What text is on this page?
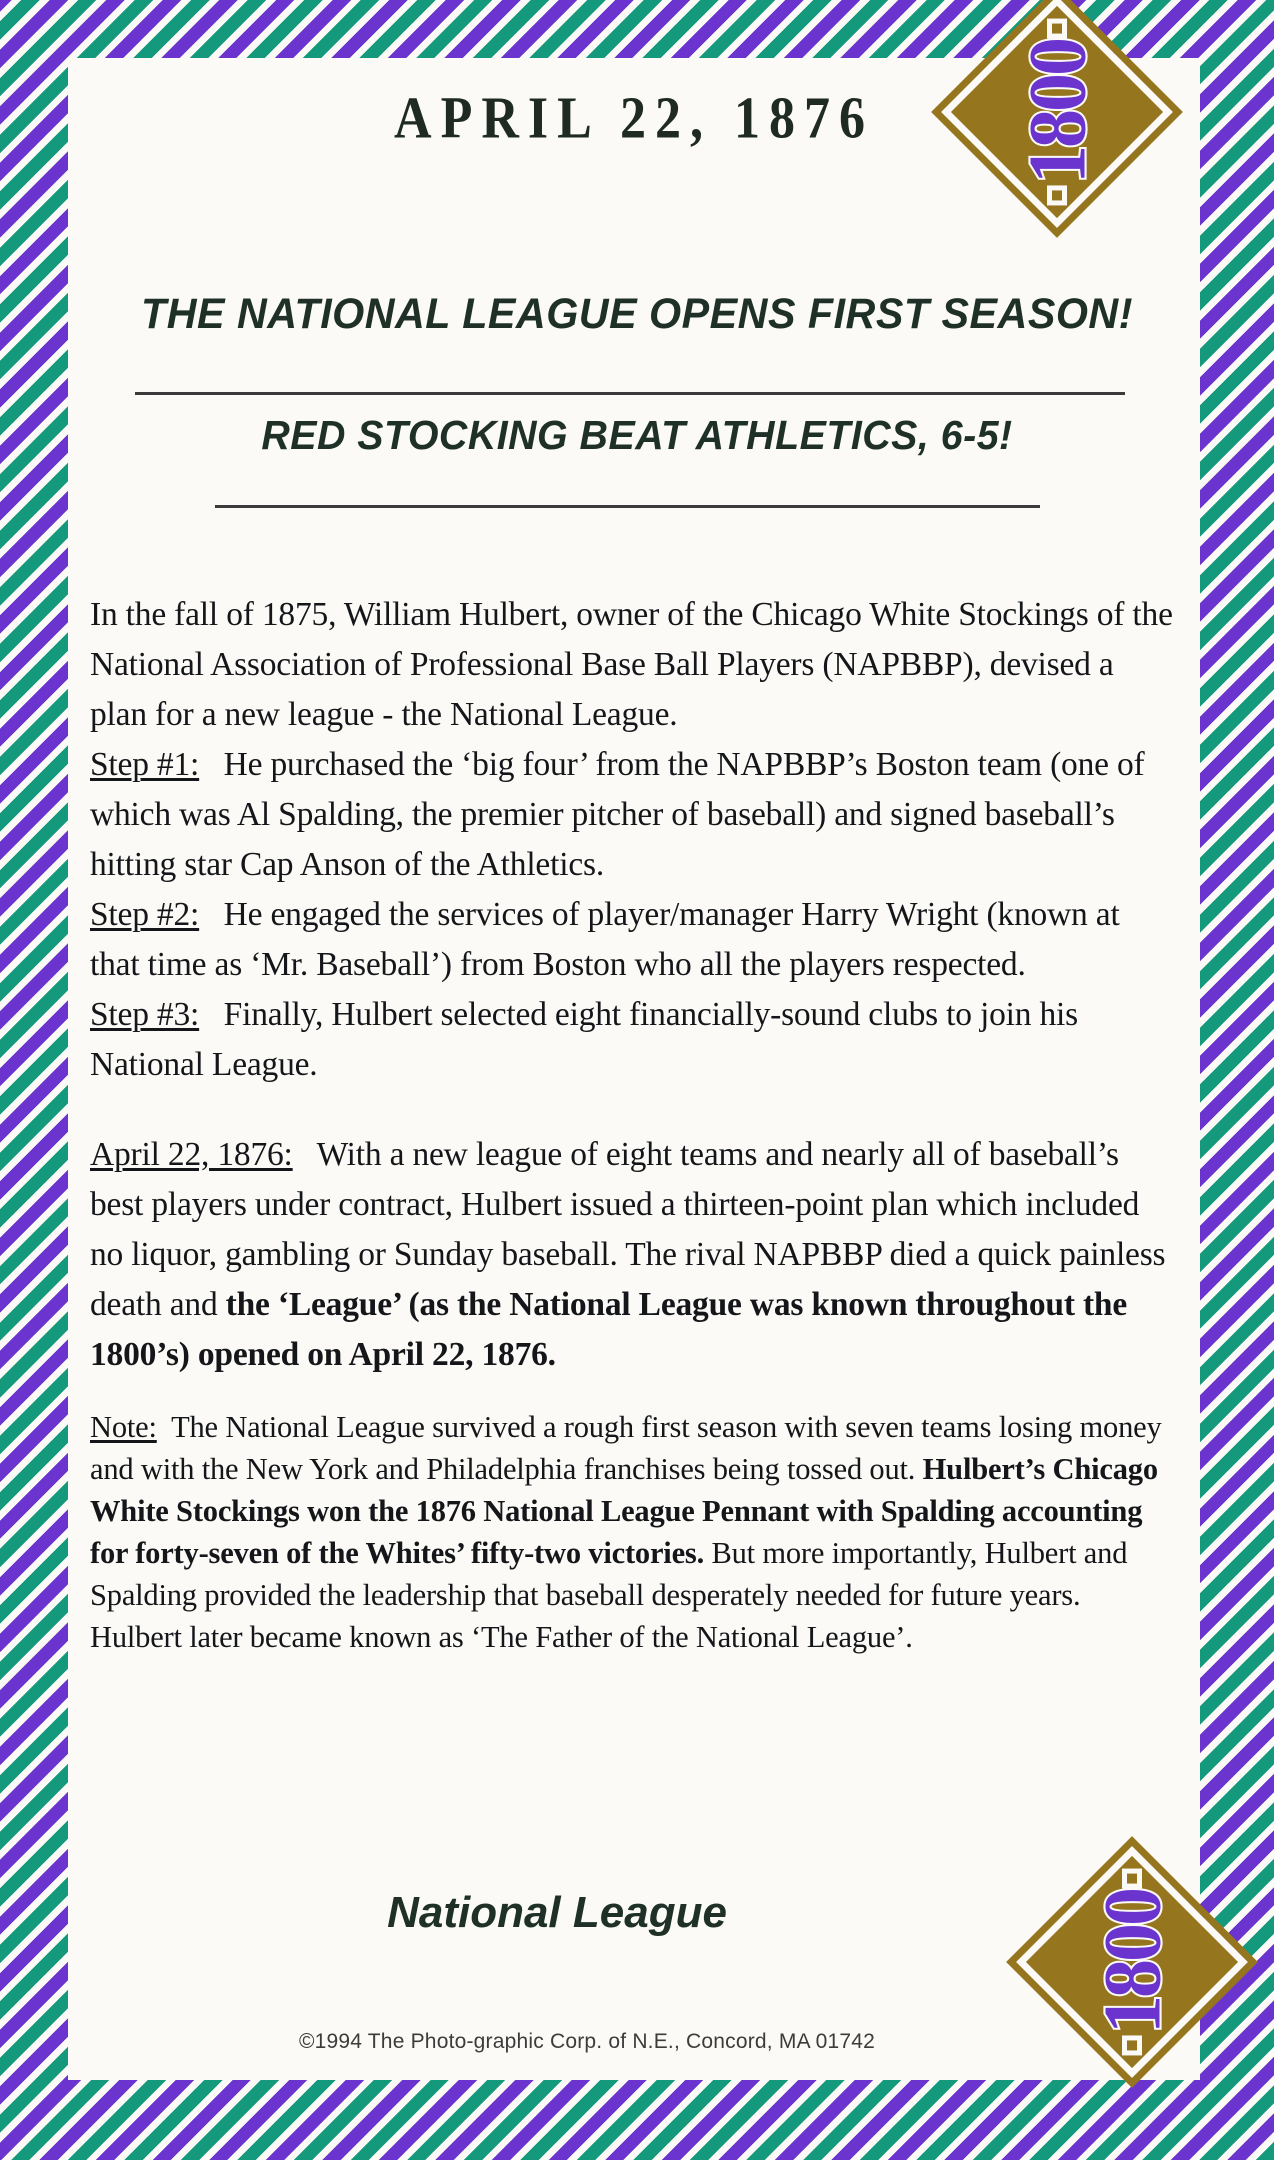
APRIL 22, 1876
THE NATIONAL LEAGUE OPENS FIRST SEASON!
RED STOCKING BEAT ATHLETICS, 6-5!

In the fall of 1875, William Hulbert, owner of the Chicago White Stockings of the National Association of Professional Base Ball Players (NAPBBP), devised a plan for a new league - the National League.

Step #1: He purchased the ‘big four’ from the NAPBBP’s Boston team (one of which was Al Spalding, the premier pitcher of baseball) and signed baseball’s hitting star Cap Anson of the Athletics.

Step #2: He engaged the services of player/manager Harry Wright (known at that time as ‘Mr. Baseball’) from Boston who all the players respected.

Step #3: Finally, Hulbert selected eight financially-sound clubs to join his National League.

April 22, 1876: With a new league of eight teams and nearly all of baseball’s best players under contract, Hulbert issued a thirteen-point plan which included no liquor, gambling or Sunday baseball. The rival NAPBBP died a quick painless death and the ‘League’ (as the National League was known throughout the 1800’s) opened on April 22, 1876.

Note: The National League survived a rough first season with seven teams losing money and with the New York and Philadelphia franchises being tossed out. Hulbert’s Chicago White Stockings won the 1876 National League Pennant with Spalding accounting for forty-seven of the Whites’ fifty-two victories. But more importantly, Hulbert and Spalding provided the leadership that baseball desperately needed for future years. Hulbert later became known as ‘The Father of the National League’.

National League
1800
1800
©1994 The Photo-graphic Corp. of N.E., Concord, MA 01742
